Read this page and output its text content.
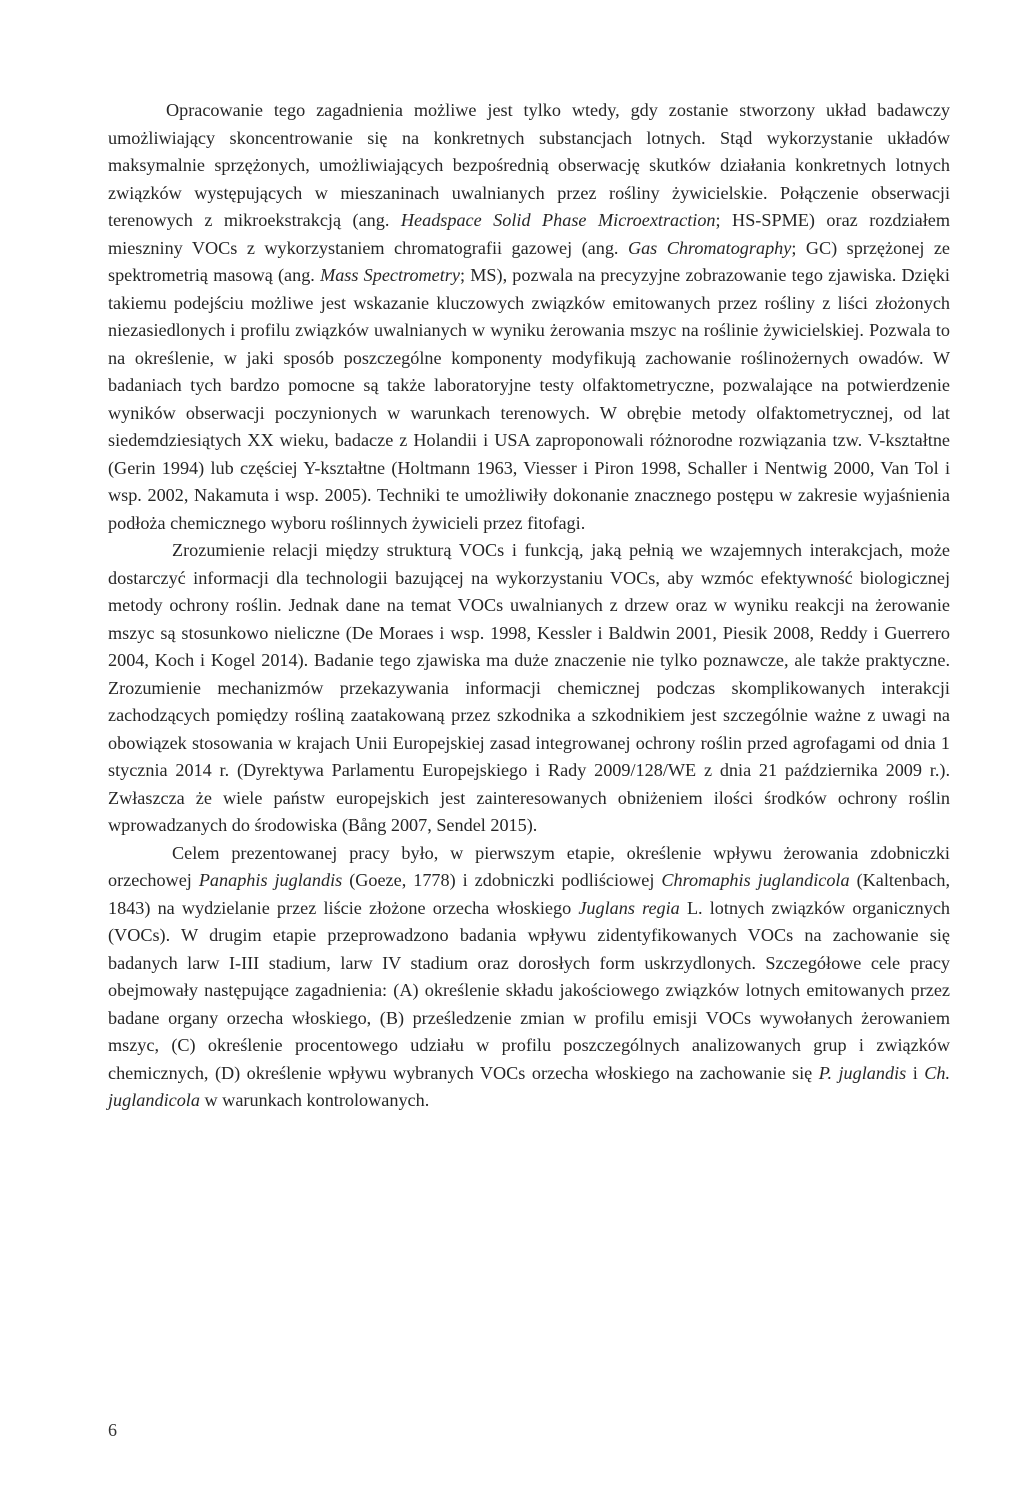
Opracowanie tego zagadnienia możliwe jest tylko wtedy, gdy zostanie stworzony układ badawczy umożliwiający skoncentrowanie się na konkretnych substancjach lotnych. Stąd wykorzystanie układów maksymalnie sprzężonych, umożliwiających bezpośrednią obserwację skutków działania konkretnych lotnych związków występujących w mieszaninach uwalnianych przez rośliny żywicielskie. Połączenie obserwacji terenowych z mikroekstrakcją (ang. Headspace Solid Phase Microextraction; HS-SPME) oraz rozdziałem mieszniny VOCs z wykorzystaniem chromatografii gazowej (ang. Gas Chromatography; GC) sprzężonej ze spektrometrią masową (ang. Mass Spectrometry; MS), pozwala na precyzyjne zobrazowanie tego zjawiska. Dzięki takiemu podejściu możliwe jest wskazanie kluczowych związków emitowanych przez rośliny z liści złożonych niezasiedlonych i profilu związków uwalnianych w wyniku żerowania mszyc na roślinie żywicielskiej. Pozwala to na określenie, w jaki sposób poszczególne komponenty modyfikują zachowanie roślinożernych owadów. W badaniach tych bardzo pomocne są także laboratoryjne testy olfaktometryczne, pozwalające na potwierdzenie wyników obserwacji poczynionych w warunkach terenowych. W obrębie metody olfaktometrycznej, od lat siedemdziesiątych XX wieku, badacze z Holandii i USA zaproponowali różnorodne rozwiązania tzw. V-kształtne (Gerin 1994) lub częściej Y-kształtne (Holtmann 1963, Viesser i Piron 1998, Schaller i Nentwig 2000, Van Tol i wsp. 2002, Nakamuta i wsp. 2005). Techniki te umożliwiły dokonanie znacznego postępu w zakresie wyjaśnienia podłoża chemicznego wyboru roślinnych żywicieli przez fitofagi.

Zrozumienie relacji między strukturą VOCs i funkcją, jaką pełnią we wzajemnych interakcjach, może dostarczyć informacji dla technologii bazującej na wykorzystaniu VOCs, aby wzmóc efektywność biologicznej metody ochrony roślin. Jednak dane na temat VOCs uwalnianych z drzew oraz w wyniku reakcji na żerowanie mszyc są stosunkowo nieliczne (De Moraes i wsp. 1998, Kessler i Baldwin 2001, Piesik 2008, Reddy i Guerrero 2004, Koch i Kogel 2014). Badanie tego zjawiska ma duże znaczenie nie tylko poznawcze, ale także praktyczne. Zrozumienie mechanizmów przekazywania informacji chemicznej podczas skomplikowanych interakcji zachodzących pomiędzy rośliną zaatakowaną przez szkodnika a szkodnikiem jest szczególnie ważne z uwagi na obowiązek stosowania w krajach Unii Europejskiej zasad integrowanej ochrony roślin przed agrofagami od dnia 1 stycznia 2014 r. (Dyrektywa Parlamentu Europejskiego i Rady 2009/128/WE z dnia 21 października 2009 r.). Zwłaszcza że wiele państw europejskich jest zainteresowanych obniżeniem ilości środków ochrony roślin wprowadzanych do środowiska (Bång 2007, Sendel 2015).

Celem prezentowanej pracy było, w pierwszym etapie, określenie wpływu żerowania zdobniczki orzechowej Panaphis juglandis (Goeze, 1778) i zdobniczki podliściowej Chromaphis juglandicola (Kaltenbach, 1843) na wydzielanie przez liście złożone orzecha włoskiego Juglans regia L. lotnych związków organicznych (VOCs). W drugim etapie przeprowadzono badania wpływu zidentyfikowanych VOCs na zachowanie się badanych larw I-III stadium, larw IV stadium oraz dorosłych form uskrzydlonych. Szczegółowe cele pracy obejmowały następujące zagadnienia: (A) określenie składu jakościowego związków lotnych emitowanych przez badane organy orzecha włoskiego, (B) prześledzenie zmian w profilu emisji VOCs wywołanych żerowaniem mszyc, (C) określenie procentowego udziału w profilu poszczególnych analizowanych grup i związków chemicznych, (D) określenie wpływu wybranych VOCs orzecha włoskiego na zachowanie się P. juglandis i Ch. juglandicola w warunkach kontrolowanych.

6
